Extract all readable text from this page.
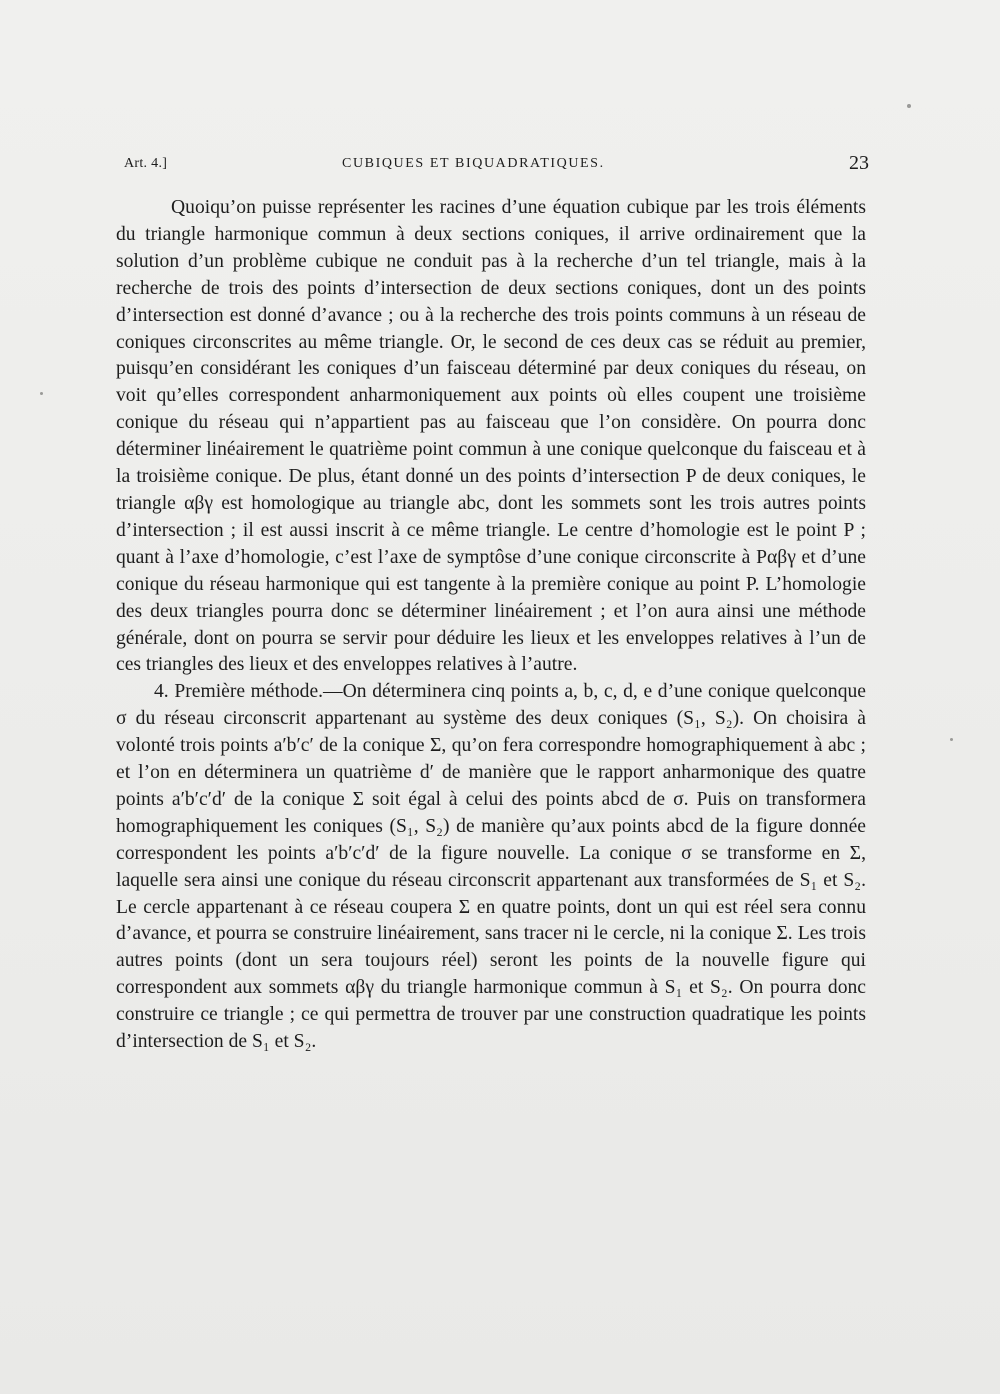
Art. 4.]	CUBIQUES ET BIQUADRATIQUES.	23

Quoiqu’on puisse représenter les racines d’une équation cubique par les trois éléments du triangle harmonique commun à deux sections coniques, il arrive ordinairement que la solution d’un problème cubique ne conduit pas à la recherche d’un tel triangle, mais à la recherche de trois des points d’intersection de deux sections coniques, dont un des points d’intersection est donné d’avance ; ou à la recherche des trois points communs à un réseau de coniques circonscrites au même triangle. Or, le second de ces deux cas se réduit au premier, puisqu’en considérant les coniques d’un faisceau déterminé par deux coniques du réseau, on voit qu’elles correspondent anharmoniquement aux points où elles coupent une troisième conique du réseau qui n’appartient pas au faisceau que l’on considère. On pourra donc déterminer linéairement le quatrième point commun à une conique quelconque du faisceau et à la troisième conique. De plus, étant donné un des points d’intersection P de deux coniques, le triangle αβγ est homologique au triangle abc, dont les sommets sont les trois autres points d’intersection ; il est aussi inscrit à ce même triangle. Le centre d’homologie est le point P ; quant à l’axe d’homologie, c’est l’axe de symptôse d’une conique circonscrite à Pαβγ et d’une conique du réseau harmonique qui est tangente à la première conique au point P. L’homologie des deux triangles pourra donc se déterminer linéairement ; et l’on aura ainsi une méthode générale, dont on pourra se servir pour déduire les lieux et les enveloppes relatives à l’un de ces triangles des lieux et des enveloppes relatives à l’autre.

4. Première méthode.—On déterminera cinq points a, b, c, d, e d’une conique quelconque σ du réseau circonscrit appartenant au système des deux coniques (S₁, S₂). On choisira à volonté trois points a′b′c′ de la conique Σ, qu’on fera correspondre homographiquement à abc ; et l’on en déterminera un quatrième d′ de manière que le rapport anharmonique des quatre points a′b′c′d′ de la conique Σ soit égal à celui des points abcd de σ. Puis on transformera homographiquement les coniques (S₁, S₂) de manière qu’aux points abcd de la figure donnée correspondent les points a′b′c′d′ de la figure nouvelle. La conique σ se transforme en Σ, laquelle sera ainsi une conique du réseau circonscrit appartenant aux transformées de S₁ et S₂. Le cercle appartenant à ce réseau coupera Σ en quatre points, dont un qui est réel sera connu d’avance, et pourra se construire linéairement, sans tracer ni le cercle, ni la conique Σ. Les trois autres points (dont un sera toujours réel) seront les points de la nouvelle figure qui correspondent aux sommets αβγ du triangle harmonique commun à S₁ et S₂. On pourra donc construire ce triangle ; ce qui permettra de trouver par une construction quadratique les points d’intersection de S₁ et S₂.
